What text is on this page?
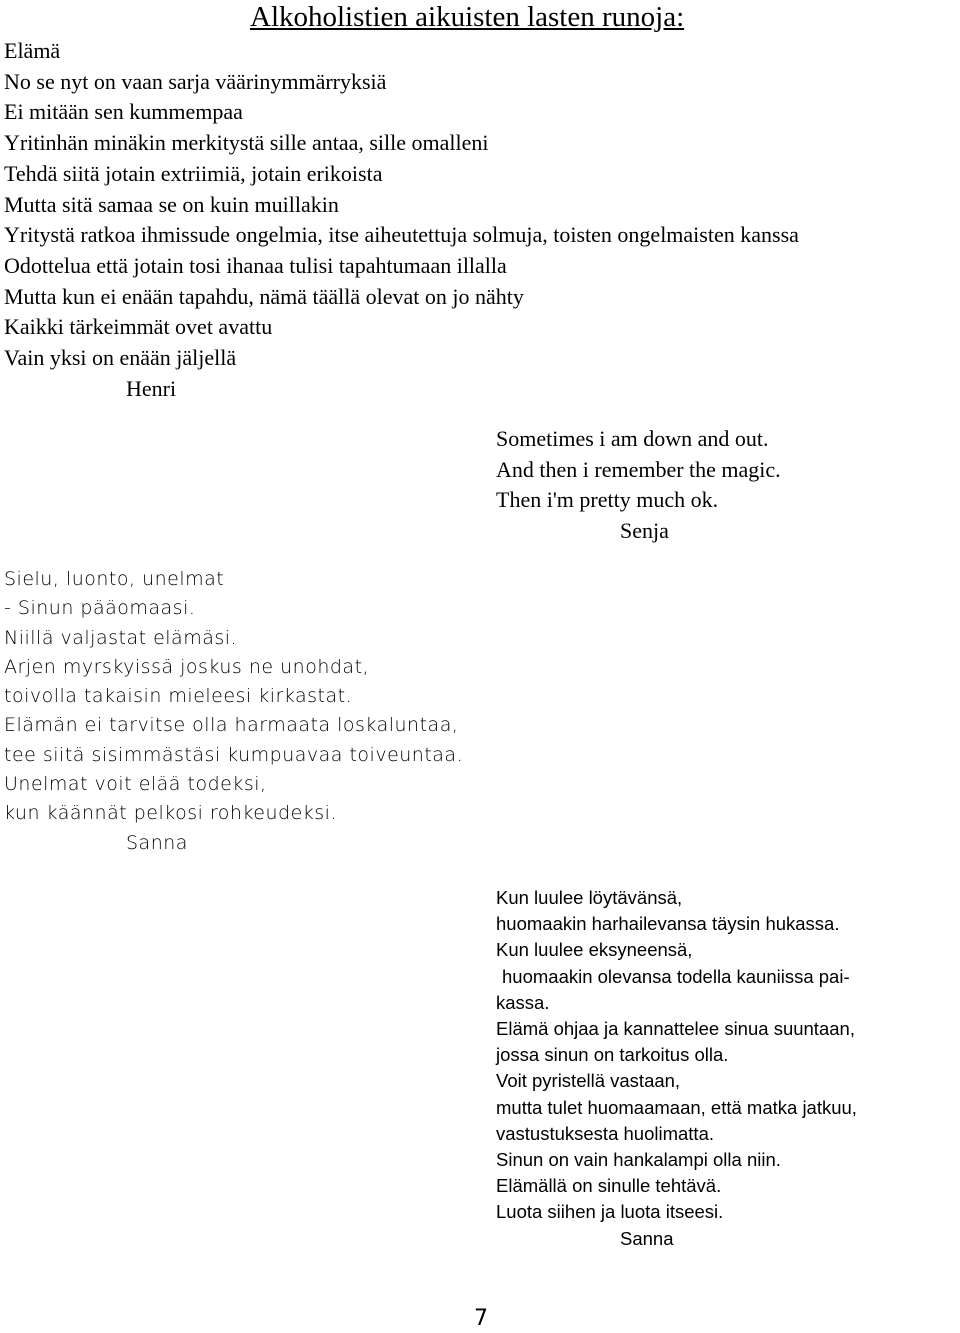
Alkoholistien aikuisten lasten runoja:
Elämä
No se nyt on vaan sarja väärinymmärryksiä
Ei mitään sen kummempaa
Yritinhän minäkin merkitystä sille antaa, sille omalleni
Tehdä siitä jotain extriimiä, jotain erikoista
Mutta sitä samaa se on kuin muillakin
Yritystä ratkoa ihmissude ongelmia, itse aiheutettuja solmuja, toisten ongelmaisten kanssa
Odottelua että jotain tosi ihanaa tulisi tapahtumaan illalla
Mutta kun ei enään tapahdu, nämä täällä olevat on jo nähty
Kaikki tärkeimmät ovet avattu
Vain yksi on enään jäljellä
Henri
Sometimes i am down and out.
And then i remember the magic.
Then i'm pretty much ok.
Senja
Sielu, luonto, unelmat
- Sinun pääomaasi.
Niillä valjastat elämäsi.
Arjen myrskyissä joskus ne unohdat,
toivolla takaisin mieleesi kirkastat.
Elämän ei tarvitse olla harmaata loskaluntaa,
tee siitä sisimmästäsi kumpuavaa toiveuntaa.
Unelmat voit elää todeksi,
kun käännät pelkosi rohkeudeksi.
Sanna
Kun luulee löytävänsä,
huomaakin harhailevansa täysin hukassa.
Kun luulee eksyneensä,
huomaakin olevansa todella kauniissa pai-
kassa.
Elämä ohjaa ja kannattelee sinua suuntaan,
jossa sinun on tarkoitus olla.
Voit pyristellä vastaan,
mutta tulet huomaamaan, että matka jatkuu,
vastustuksesta huolimatta.
Sinun on vain hankalampi olla niin.
Elämällä on sinulle tehtävä.
Luota siihen ja luota itseesi.
Sanna
7
